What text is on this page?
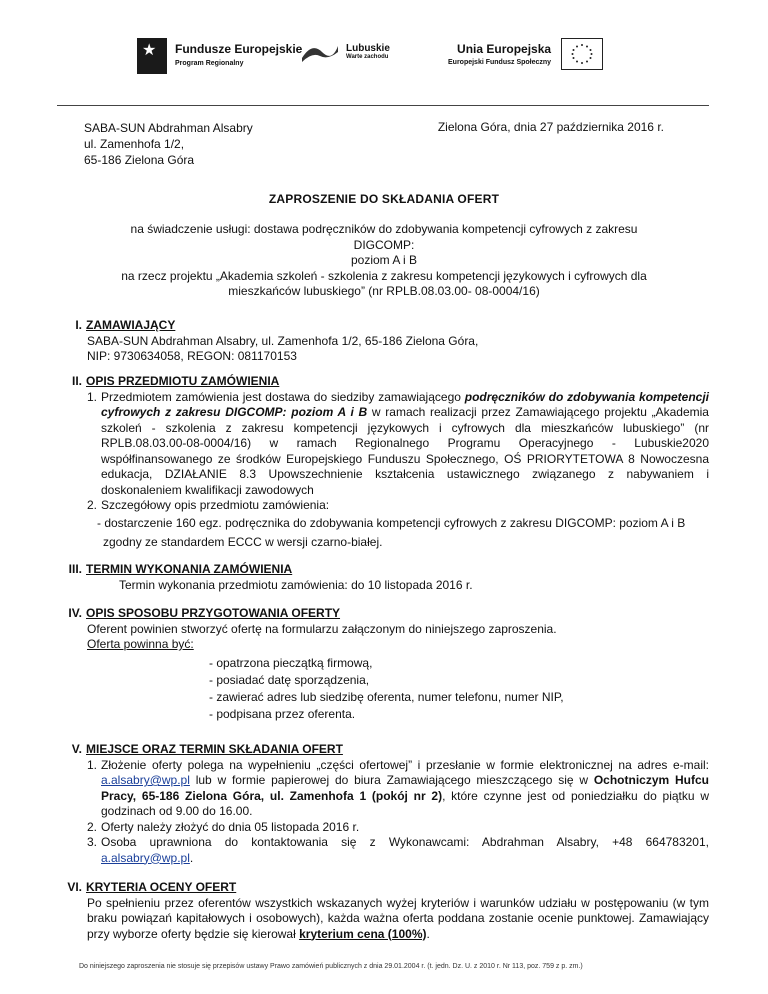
★ Fundusze Europejskie
Program Regionalny
Lubuskie
Warte zachodu
Unia Europejska
Europejski Fundusz Społeczny
SABA-SUN Abdrahman Alsabry
ul. Zamenhofa 1/2,
65-186 Zielona Góra
Zielona Góra, dnia 27 października 2016 r.
ZAPROSZENIE DO SKŁADANIA OFERT
na świadczenie usługi: dostawa podręczników do zdobywania kompetencji cyfrowych z zakresu DIGCOMP:
poziom A i B
na rzecz projektu „Akademia szkoleń - szkolenia z zakresu kompetencji językowych i cyfrowych dla
mieszkańców lubuskiego” (nr RPLB.08.03.00- 08-0004/16)
I. ZAMAWIAJĄCY
SABA-SUN Abdrahman Alsabry, ul. Zamenhofa 1/2, 65-186 Zielona Góra,
NIP: 9730634058, REGON: 081170153
II. OPIS PRZEDMIOTU ZAMÓWIENIA
1. Przedmiotem zamówienia jest dostawa do siedziby zamawiającego podręczników do zdobywania kompetencji cyfrowych z zakresu DIGCOMP: poziom A i B w ramach realizacji przez Zamawiającego projektu „Akademia szkoleń - szkolenia z zakresu kompetencji językowych i cyfrowych dla mieszkańców lubuskiego” (nr RPLB.08.03.00-08-0004/16) w ramach Regionalnego Programu Operacyjnego - Lubuskie2020 współfinansowanego ze środków Europejskiego Funduszu Społecznego, OŚ PRIORYTETOWA 8 Nowoczesna edukacja, DZIAŁANIE 8.3 Upowszechnienie kształcenia ustawicznego związanego z nabywaniem i doskonaleniem kwalifikacji zawodowych
2. Szczegółowy opis przedmiotu zamówienia:
- dostarczenie 160 egz. podręcznika do zdobywania kompetencji cyfrowych z zakresu DIGCOMP: poziom A i B
zgodny ze standardem ECCC w wersji czarno-białej.
III. TERMIN WYKONANIA ZAMÓWIENIA
Termin wykonania przedmiotu zamówienia: do 10 listopada 2016 r.
IV. OPIS SPOSOBU PRZYGOTOWANIA OFERTY
Oferent powinien stworzyć ofertę na formularzu załączonym do niniejszego zaproszenia.
Oferta powinna być:
- opatrzona pieczątką firmową,
- posiadać datę sporządzenia,
- zawierać adres lub siedzibę oferenta, numer telefonu, numer NIP,
- podpisana przez oferenta.
V. MIEJSCE ORAZ TERMIN SKŁADANIA OFERT
1. Złożenie oferty polega na wypełnieniu „części ofertowej” i przesłanie w formie elektronicznej na adres e-mail: a.alsabry@wp.pl lub w formie papierowej do biura Zamawiającego mieszczącego się w Ochotniczym Hufcu Pracy, 65-186 Zielona Góra, ul. Zamenhofa 1 (pokój nr 2), które czynne jest od poniedziałku do piątku w godzinach od 9.00 do 16.00.
2. Oferty należy złożyć do dnia 05 listopada 2016 r.
3. Osoba uprawniona do kontaktowania się z Wykonawcami: Abdrahman Alsabry, +48 664783201,
a.alsabry@wp.pl.
VI. KRYTERIA OCENY OFERT
Po spełnieniu przez oferentów wszystkich wskazanych wyżej kryteriów i warunków udziału w postępowaniu (w tym braku powiązań kapitałowych i osobowych), każda ważna oferta poddana zostanie ocenie punktowej. Zamawiający przy wyborze oferty będzie się kierował kryterium cena (100%).
Do niniejszego zaproszenia nie stosuje się przepisów ustawy Prawo zamówień publicznych z dnia 29.01.2004 r. (t. jedn. Dz. U. z 2010 r. Nr 113, poz. 759 z p. zm.)
